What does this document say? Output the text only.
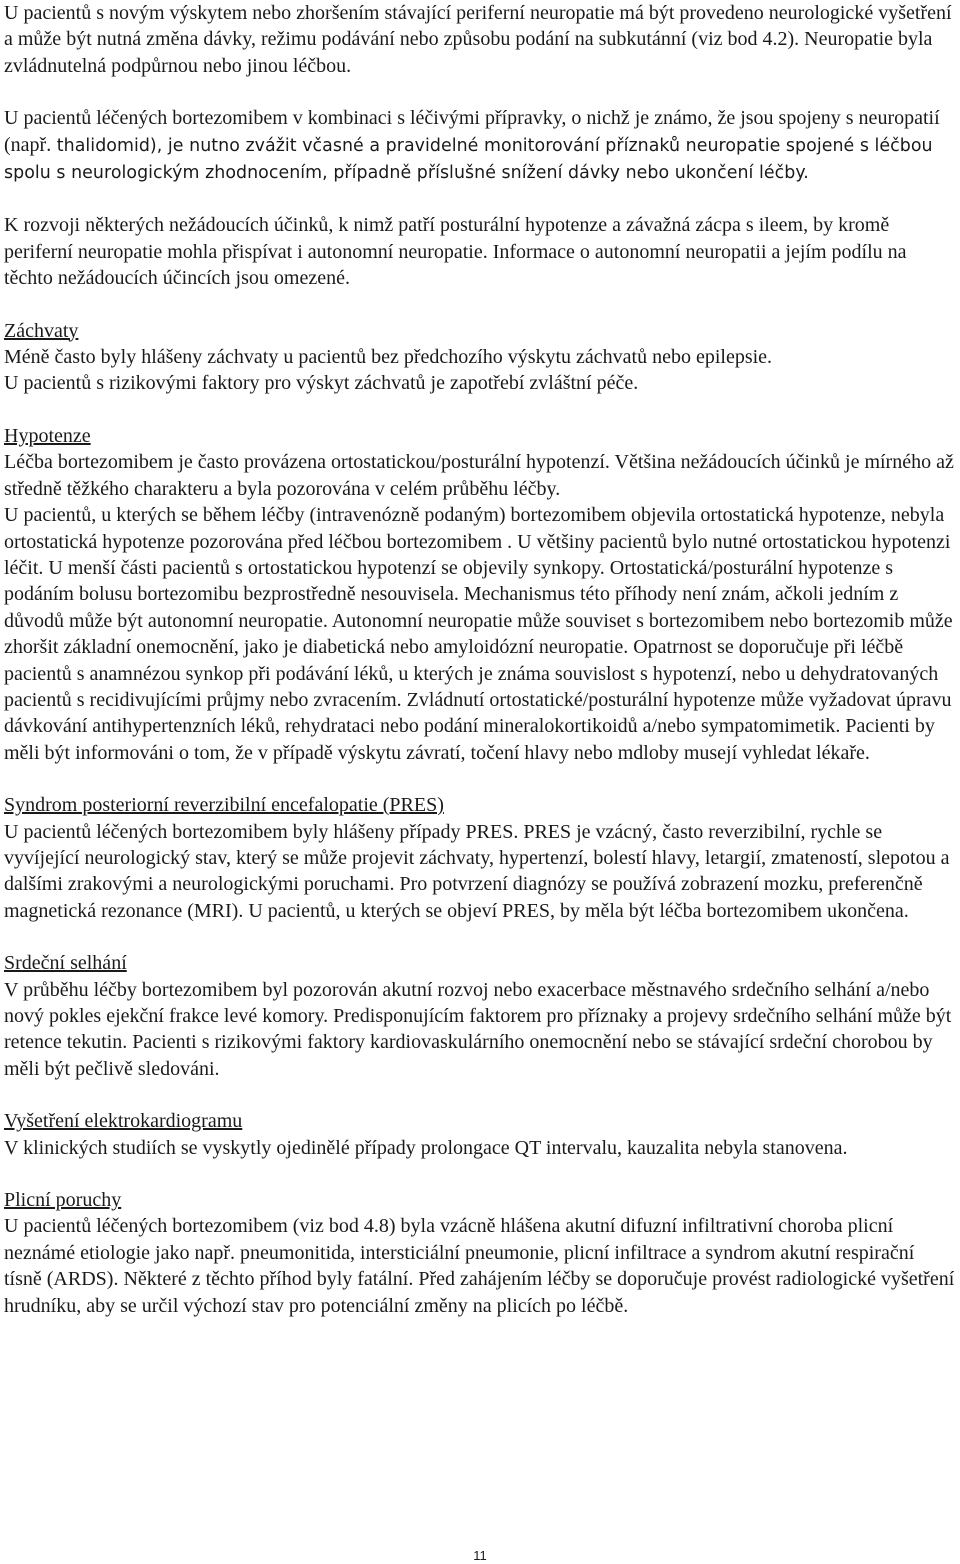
U pacientů s novým výskytem nebo zhoršením stávající periferní neuropatie má být provedeno neurologické vyšetření a může být nutná změna dávky, režimu podávání nebo způsobu podání na subkutánní (viz bod 4.2). Neuropatie byla zvládnutelná podpůrnou nebo jinou léčbou.

U pacientů léčených bortezomibem v kombinaci s léčivými přípravky, o nichž je známo, že jsou spojeny s neuropatií (např. thalidomid), je nutno zvážit včasné a pravidelné monitorování příznaků neuropatie spojené s léčbou spolu s neurologickým zhodnocením, případně příslušné snížení dávky nebo ukončení léčby.

K rozvoji některých nežádoucích účinků, k nimž patří posturální hypotenze a závažná zácpa s ileem, by kromě periferní neuropatie mohla přispívat i autonomní neuropatie. Informace o autonomní neuropatii a jejím podílu na těchto nežádoucích účincích jsou omezené.

Záchvaty

Méně často byly hlášeny záchvaty u pacientů bez předchozího výskytu záchvatů nebo epilepsie.

U pacientů s rizikovými faktory pro výskyt záchvatů je zapotřebí zvláštní péče.

Hypotenze

Léčba bortezomibem je často provázena ortostatickou/posturální hypotenzí. Většina nežádoucích účinků je mírného až středně těžkého charakteru a byla pozorována v celém průběhu léčby.

U pacientů, u kterých se během léčby (intravenózně podaným) bortezomibem objevila ortostatická hypotenze, nebyla ortostatická hypotenze pozorována před léčbou bortezomibem . U většiny pacientů bylo nutné ortostatickou hypotenzi léčit. U menší části pacientů s ortostatickou hypotenzí se objevily synkopy. Ortostatická/posturální hypotenze s podáním bolusu bortezomibu bezprostředně nesouvisela. Mechanismus této příhody není znám, ačkoli jedním z důvodů může být autonomní neuropatie. Autonomní neuropatie může souviset s bortezomibem nebo bortezomib může zhoršit základní onemocnění, jako je diabetická nebo amyloidózní neuropatie. Opatrnost se doporučuje při léčbě pacientů s anamnézou synkop při podávání léků, u kterých je známa souvislost s hypotenzí, nebo u dehydratovaných pacientů s recidivujícími průjmy nebo zvracením. Zvládnutí ortostatické/posturální hypotenze může vyžadovat úpravu dávkování antihypertenzních léků, rehydrataci nebo podání mineralokortikoidů a/nebo sympatomimetik. Pacienti by měli být informováni o tom, že v případě výskytu závratí, točení hlavy nebo mdloby musejí vyhledat lékaře.

Syndrom posteriorní reverzibilní encefalopatie (PRES)

U pacientů léčených bortezomibem byly hlášeny případy PRES. PRES je vzácný, často reverzibilní, rychle se vyvíjející neurologický stav, který se může projevit záchvaty, hypertenzí, bolestí hlavy, letargií, zmateností, slepotou a dalšími zrakovými a neurologickými poruchami. Pro potvrzení diagnózy se používá zobrazení mozku, preferenčně magnetická rezonance (MRI). U pacientů, u kterých se objeví PRES, by měla být léčba bortezomibem ukončena.

Srdeční selhání

V průběhu léčby bortezomibem byl pozorován akutní rozvoj nebo exacerbace městnavého srdečního selhání a/nebo nový pokles ejekční frakce levé komory. Predisponujícím faktorem pro příznaky a projevy srdečního selhání může být retence tekutin. Pacienti s rizikovými faktory kardiovaskulárního onemocnění nebo se stávající srdeční chorobou by měli být pečlivě sledováni.

Vyšetření elektrokardiogramu

V klinických studiích se vyskytly ojedinělé případy prolongace QT intervalu, kauzalita nebyla stanovena.

Plicní poruchy

U pacientů léčených bortezomibem (viz bod 4.8) byla vzácně hlášena akutní difuzní infiltrativní choroba plicní neznámé etiologie jako např. pneumonitida, intersticiální pneumonie, plicní infiltrace a syndrom akutní respirační tísně (ARDS). Některé z těchto příhod byly fatální. Před zahájením léčby se doporučuje provést radiologické vyšetření hrudníku, aby se určil výchozí stav pro potenciální změny na plicích po léčbě.

11
